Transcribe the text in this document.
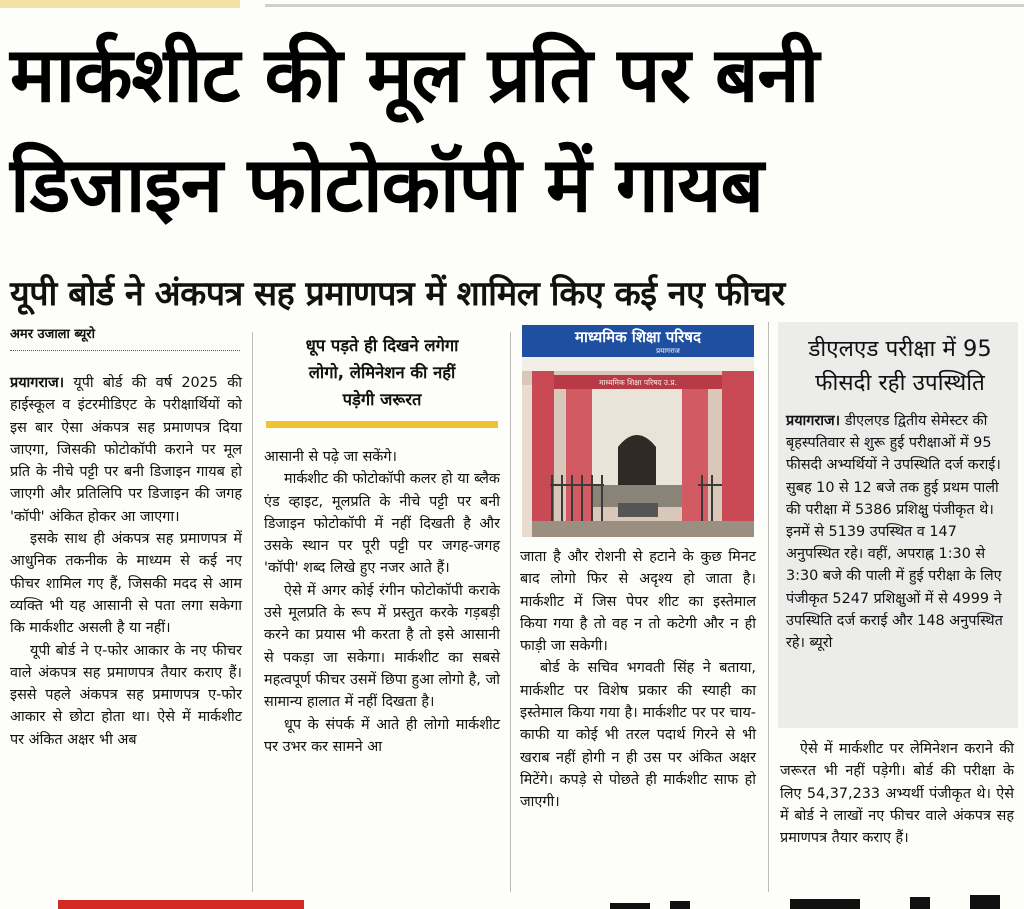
मार्कशीट की मूल प्रति पर बनी
डिजाइन फोटोकॉपी में गायब
यूपी बोर्ड ने अंकपत्र सह प्रमाणपत्र में शामिल किए कई नए फीचर
अमर उजाला ब्यूरो

प्रयागराज। यूपी बोर्ड की वर्ष 2025 की हाईस्कूल व इंटरमीडिएट के परीक्षार्थियों को इस बार ऐसा अंकपत्र सह प्रमाणपत्र दिया जाएगा, जिसकी फोटोकॉपी कराने पर मूल प्रति के नीचे पट्टी पर बनी डिजाइन गायब हो जाएगी और प्रतिलिपि पर डिजाइन की जगह 'कॉपी' अंकित होकर आ जाएगा।

इसके साथ ही अंकपत्र सह प्रमाणपत्र में आधुनिक तकनीक के माध्यम से कई नए फीचर शामिल गए हैं, जिसकी मदद से आम व्यक्ति भी यह आसानी से पता लगा सकेगा कि मार्कशीट असली है या नहीं।

यूपी बोर्ड ने ए-फोर आकार के नए फीचर वाले अंकपत्र सह प्रमाणपत्र तैयार कराए हैं। इससे पहले अंकपत्र सह प्रमाणपत्र ए-फोर आकार से छोटा होता था। ऐसे में मार्कशीट पर अंकित अक्षर भी अब

धूप पड़ते ही दिखने लगेगा
लोगो, लेमिनेशन की नहीं
पड़ेगी जरूरत

आसानी से पढ़े जा सकेंगे।

मार्कशीट की फोटोकॉपी कलर हो या ब्लैक एंड व्हाइट, मूलप्रति के नीचे पट्टी पर बनी डिजाइन फोटोकॉपी में नहीं दिखती है और उसके स्थान पर पूरी पट्टी पर जगह-जगह 'कॉपी' शब्द लिखे हुए नजर आते हैं।

ऐसे में अगर कोई रंगीन फोटोकॉपी कराके उसे मूलप्रति के रूप में प्रस्तुत करके गड़बड़ी करने का प्रयास भी करता है तो इसे आसानी से पकड़ा जा सकेगा। मार्कशीट का सबसे महत्वपूर्ण फीचर उसमें छिपा हुआ लोगो है, जो सामान्य हालात में नहीं दिखता है।

धूप के संपर्क में आते ही लोगो मार्कशीट पर उभर कर सामने आ

माध्यमिक शिक्षा परिषद
प्रयागराज
माध्यमिक शिक्षा परिषद उ.प्र.

जाता है और रोशनी से हटाने के कुछ मिनट बाद लोगो फिर से अदृश्य हो जाता है। मार्कशीट में जिस पेपर शीट का इस्तेमाल किया गया है तो वह न तो कटेगी और न ही फाड़ी जा सकेगी।

बोर्ड के सचिव भगवती सिंह ने बताया, मार्कशीट पर विशेष प्रकार की स्याही का इस्तेमाल किया गया है। मार्कशीट पर पर चाय-काफी या कोई भी तरल पदार्थ गिरने से भी खराब नहीं होगी न ही उस पर अंकित अक्षर मिटेंगे। कपड़े से पोछते ही मार्कशीट साफ हो जाएगी।

डीएलएड परीक्षा में 95
फीसदी रही उपस्थिति

प्रयागराज। डीएलएड द्वितीय सेमेस्टर की बृहस्पतिवार से शुरू हुई परीक्षाओं में 95 फीसदी अभ्यर्थियों ने उपस्थिति दर्ज कराई। सुबह 10 से 12 बजे तक हुई प्रथम पाली की परीक्षा में 5386 प्रशिक्षु पंजीकृत थे। इनमें से 5139 उपस्थित व 147 अनुपस्थित रहे। वहीं, अपराह्न 1:30 से 3:30 बजे की पाली में हुई परीक्षा के लिए पंजीकृत 5247 प्रशिक्षुओं में से 4999 ने उपस्थिति दर्ज कराई और 148 अनुपस्थित रहे। ब्यूरो

ऐसे में मार्कशीट पर लेमिनेशन कराने की जरूरत भी नहीं पड़ेगी। बोर्ड की परीक्षा के लिए 54,37,233 अभ्यर्थी पंजीकृत थे। ऐसे में बोर्ड ने लाखों नए फीचर वाले अंकपत्र सह प्रमाणपत्र तैयार कराए हैं।
